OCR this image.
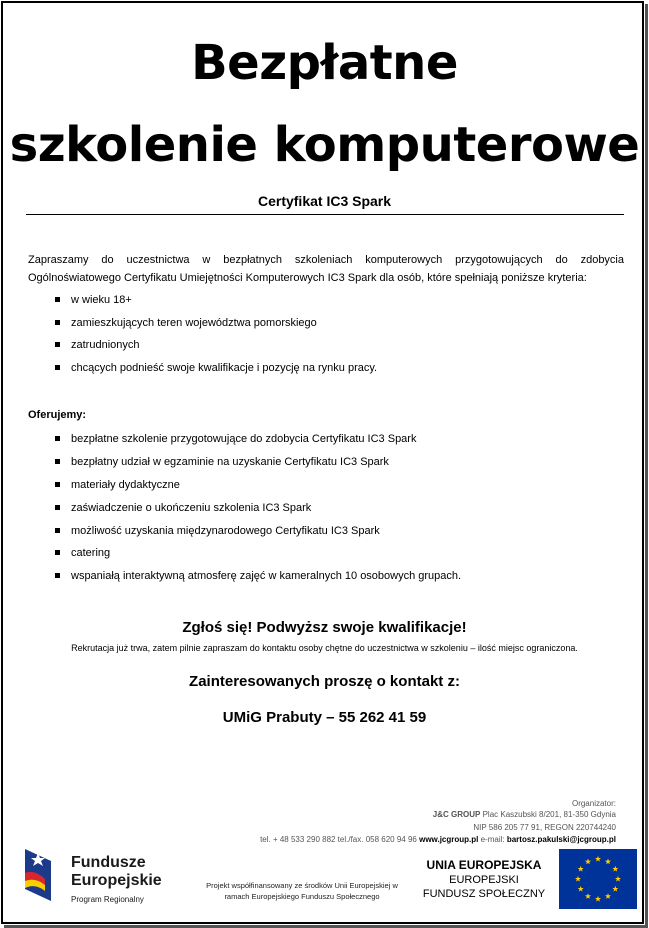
Bezpłatne
szkolenie komputerowe
Certyfikat IC3 Spark
Zapraszamy do uczestnictwa w bezpłatnych szkoleniach komputerowych przygotowujących do zdobycia Ogólnoświatowego Certyfikatu Umiejętności Komputerowych IC3 Spark dla osób, które spełniają poniższe kryteria:
w wieku 18+
zamieszkujących teren województwa pomorskiego
zatrudnionych
chcących podnieść swoje kwalifikacje i pozycję na rynku pracy.
Oferujemy:
bezpłatne szkolenie przygotowujące do zdobycia Certyfikatu IC3 Spark
bezpłatny udział w egzaminie na uzyskanie Certyfikatu IC3 Spark
materiały dydaktyczne
zaświadczenie o ukończeniu szkolenia IC3 Spark
możliwość uzyskania międzynarodowego Certyfikatu IC3 Spark
catering
wspaniałą interaktywną atmosferę zajęć w kameralnych 10 osobowych grupach.
Zgłoś się! Podwyższ swoje kwalifikacje!
Rekrutacja już trwa, zatem pilnie zapraszam do kontaktu osoby chętne do uczestnictwa w szkoleniu – ilość miejsc ograniczona.
Zainteresowanych proszę o kontakt z:
UMiG Prabuty – 55 262 41 59
Organizator:
J&C GROUP Plac Kaszubski 8/201, 81-350 Gdynia
NIP 586 205 77 91, REGON 220744240
tel. + 48 533 290 882 tel./fax. 058 620 94 96 www.jcgroup.pl e-mail: bartosz.pakulski@jcgroup.pl
Fundusze
Europejskie
Program Regionalny
Projekt współfinansowany ze środków Unii Europejskiej w
ramach Europejskiego Funduszu Społecznego
UNIA EUROPEJSKA
EUROPEJSKI
FUNDUSZ SPOŁECZNY
